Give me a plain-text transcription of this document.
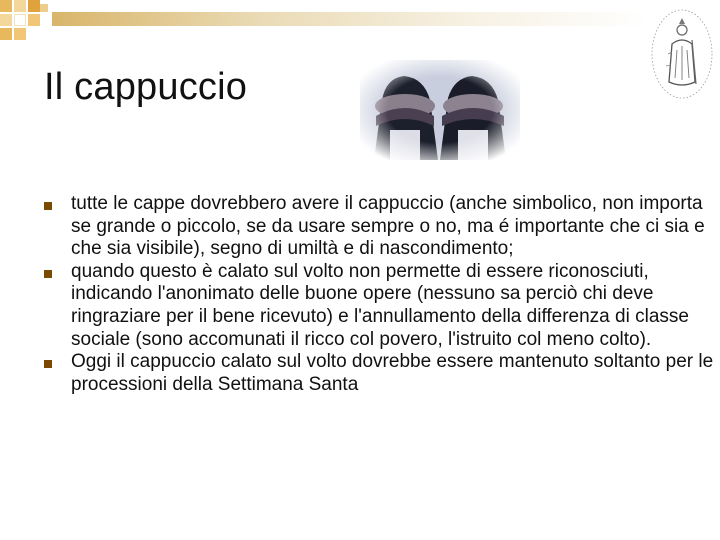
Il cappuccio
tutte le cappe dovrebbero avere il cappuccio (anche simbolico, non importa se grande o piccolo, se da usare sempre o no, ma é importante che ci sia e che sia visibile), segno di umiltà e di nascondimento;
quando questo è calato sul volto non permette di essere riconosciuti, indicando l'anonimato delle buone opere (nessuno sa perciò chi deve ringraziare per il bene ricevuto) e l'annullamento della differenza di classe sociale (sono accomunati il ricco col povero, l'istruito col meno colto).
Oggi il cappuccio calato sul volto dovrebbe essere mantenuto soltanto per le processioni della Settimana Santa
